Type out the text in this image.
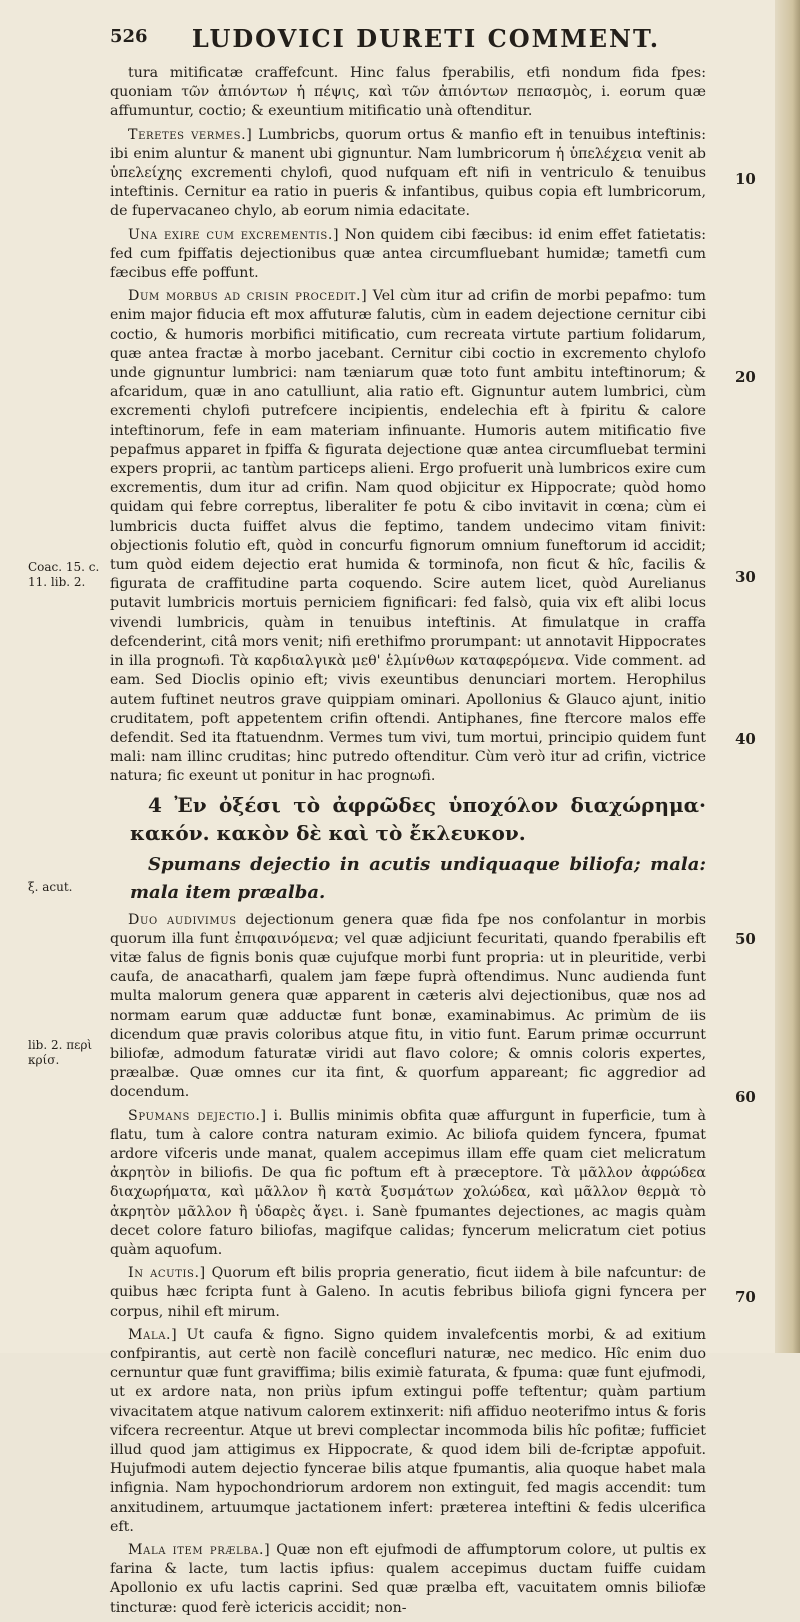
526	LUDOVICI DURETI COMMENT.

tura mitificatæ craffefcunt. Hinc falus fperabilis, etfi nondum fida fpes: quoniam τῶν ἀπιόντων ἡ πέψις, καὶ τῶν ἀπιόντων πεπασμὸς, i. eorum quæ affumuntur, coctio; & exeuntium mitificatio unà oftenditur.

Teretes vermes.] Lumbricbs, quorum ortus & manfio eft in tenuibus inteftinis: ibi enim aluntur & manent ubi gignuntur. Nam lumbricorum ἡ ὑπελέχεια venit ab ὑπελείχης excrementi chylofi, quod nufquam eft nifi in ventriculo & tenuibus inteftinis. Cernitur ea ratio in pueris & infantibus, quibus copia eft lumbricorum, de fupervacaneo chylo, ab eorum nimia edacitate.

Una exire cum excrementis.] Non quidem cibi fæcibus: id enim effet fatietatis: fed cum fpiffatis dejectionibus quæ antea circumfluebant humidæ; tametfi cum fæcibus effe poffunt.

Dum morbus ad crisin procedit.] Vel cùm itur ad crifin de morbi pepafmo: tum enim major fiducia eft mox affuturæ falutis, cùm in eadem dejectione cernitur cibi coctio, & humoris morbifici mitificatio, cum recreata virtute partium folidarum, quæ antea fractæ à morbo jacebant. Cernitur cibi coctio in excremento chylofo unde gignuntur lumbrici: nam tæniarum quæ toto funt ambitu inteftinorum; & afcaridum, quæ in ano catulliunt, alia ratio eft. Gignuntur autem lumbrici, cùm excrementi chylofi putrefcere incipientis, endelechia eft à fpiritu & calore inteftinorum, fefe in eam materiam infinuante. Humoris autem mitificatio five pepafmus apparet in fpiffa & figurata dejectione quæ antea circumfluebat termini expers proprii, ac tantùm particeps alieni. Ergo profuerit unà lumbricos exire cum excrementis, dum itur ad crifin. Nam quod objicitur ex Hippocrate; quòd homo quidam qui febre correptus, liberaliter fe potu & cibo invitavit in cœna; cùm ei lumbricis ducta fuiffet alvus die feptimo, tandem undecimo vitam finivit: objectionis folutio eft, quòd in concurfu fignorum omnium funeftorum id accidit; tum quòd eidem dejectio erat humida & torminofa, non ficut & hîc, facilis & figurata de craffitudine parta coquendo. Scire autem licet, quòd Aurelianus putavit lumbricis mortuis perniciem fignificari: fed falsò, quia vix eft alibi locus vivendi lumbricis, quàm in tenuibus inteftinis. At fimulatque in craffa defcenderint, citâ mors venit; nifi erethifmo prorumpant: ut annotavit Hippocrates in illa prognωfi. Τὰ καρδιαλγικὰ μεθ' ἑλμίνθων καταφερόμενα. Vide comment. ad eam. Sed Dioclis opinio eft; vivis exeuntibus denunciari mortem. Herophilus autem fuftinet neutros grave quippiam ominari. Apollonius & Glauco ajunt, initio cruditatem, poft appetentem crifin oftendi. Antiphanes, fine ftercore malos effe defendit. Sed ita ftatuendnm. Vermes tum vivi, tum mortui, principio quidem funt mali: nam illinc cruditas; hinc putredo oftenditur. Cùm verò itur ad crifin, victrice natura; fic exeunt ut ponitur in hac prognωfi.

4 Ἐν ὀξέσι τὸ ἀφρῶδες ὑποχόλον διαχώρημα· κακόν. κακὸν δὲ καὶ τὸ ἔκλευκον.

Spumans dejectio in acutis undiquaque biliofa; mala: mala item præalba.

Duo audivimus dejectionum genera quæ fida fpe nos confolantur in morbis quorum illa funt ἐπιφαινόμενα; vel quæ adjiciunt fecuritati, quando fperabilis eft vitæ falus de fignis bonis quæ cujufque morbi funt propria: ut in pleuritide, verbi caufa, de anacatharfi, qualem jam fæpe fuprà oftendimus. Nunc audienda funt multa malorum genera quæ apparent in cæteris alvi dejectionibus, quæ nos ad normam earum quæ adductæ funt bonæ, examinabimus. Ac primùm de iis dicendum quæ pravis coloribus atque fitu, in vitio funt. Earum primæ occurrunt biliofæ, admodum faturatæ viridi aut flavo colore; & omnis coloris expertes, præalbæ. Quæ omnes cur ita fint, & quorfum appareant; fic aggredior ad docendum.

Spumans dejectio.] i. Bullis minimis obfita quæ affurgunt in fuperficie, tum à flatu, tum à calore contra naturam eximio. Ac biliofa quidem fyncera, fpumat ardore vifceris unde manat, qualem accepimus illam effe quam ciet melicratum ἀκρητὸν in biliofis. De qua fic poftum eft à præceptore. Τὰ μᾶλλον ἀφρώδεα διαχωρήματα, καὶ μᾶλλον ἢ κατὰ ξυσμάτων χολώδεα, καὶ μᾶλλον θερμὰ τὸ ἀκρητὸν μᾶλλον ἢ ὑδαρὲς ἄγει. i. Sanè fpumantes dejectiones, ac magis quàm decet colore faturo biliofas, magifque calidas; fyncerum melicratum ciet potius quàm aquofum.

In acutis.] Quorum eft bilis propria generatio, ficut iidem à bile nafcuntur: de quibus hæc fcripta funt à Galeno. In acutis febribus biliofa gigni fyncera per corpus, nihil eft mirum.

Mala.] Ut caufa & figno. Signo quidem invalefcentis morbi, & ad exitium confpirantis, aut certè non facilè concefluri naturæ, nec medico. Hîc enim duo cernuntur quæ funt graviffima; bilis eximiè faturata, & fpuma: quæ funt ejufmodi, ut ex ardore nata, non priùs ipfum extingui poffe teftentur; quàm partium vivacitatem atque nativum calorem extinxerit: nifi affiduo neoterifmo intus & foris vifcera recreentur. Atque ut brevi complectar incommoda bilis hîc pofitæ; fufficiet illud quod jam attigimus ex Hippocrate, & quod idem bili de-fcriptæ appofuit. Hujufmodi autem dejectio fyncerae bilis atque fpumantis, alia quoque habet mala infignia. Nam hypochondriorum ardorem non extinguit, fed magis accendit: tum anxitudinem, artuumque jactationem infert: præterea inteftini & fedis ulcerifica eft.

Mala item prælba.] Quæ non eft ejufmodi de affumptorum colore, ut pultis ex farina & lacte, tum lactis ipfius: qualem accepimus ductam fuiffe cuidam Apollonio ex ufu lactis caprini. Sed quæ prælba eft, vacuitatem omnis biliofæ tincturæ: quod ferè ictericis accidit; non-

Coac. 15. c. 11. lib. 2.
ξ. acut.
lib. 2. περὶ κρίσ.
10
20
30
40
50
60
70
